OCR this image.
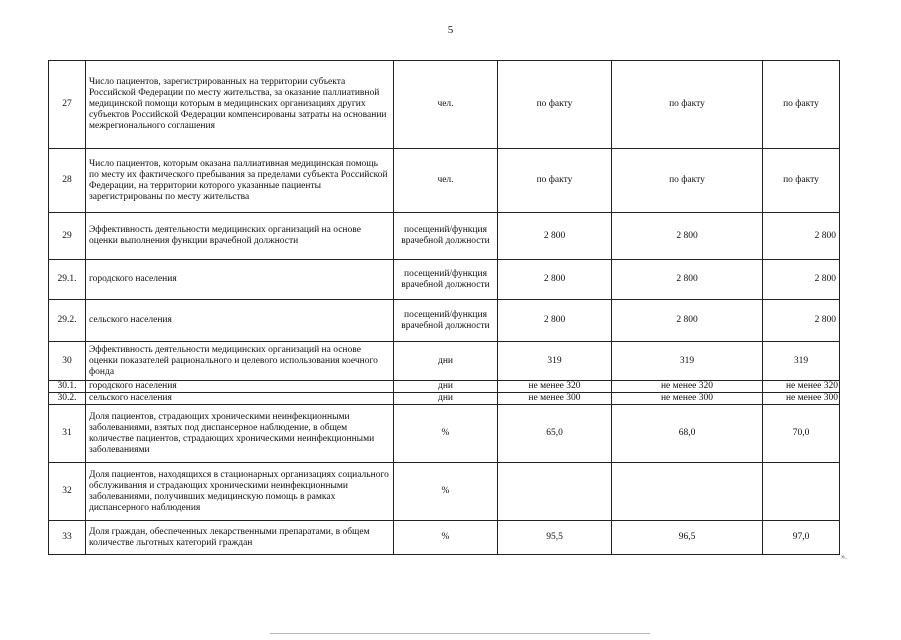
5
27	Число пациентов, зарегистрированных на территории субъекта Российской Федерации по месту жительства, за оказание паллиативной медицинской помощи которым в медицинских организациях других субъектов Российской Федерации компенсированы затраты на основании межрегионального соглашения	чел.	по факту	по факту	по факту
28	Число пациентов, которым оказана паллиативная медицинская помощь по месту их фактического пребывания за пределами субъекта Российской Федерации, на территории которого указанные пациенты зарегистрированы по месту жительства	чел.	по факту	по факту	по факту
29	Эффективность деятельности медицинских организаций на основе оценки выполнения функции врачебной должности	посещений/функция врачебной должности	2 800	2 800	2 800
29.1.	городского населения	посещений/функция врачебной должности	2 800	2 800	2 800
29.2.	сельского населения	посещений/функция врачебной должности	2 800	2 800	2 800
30	Эффективность деятельности медицинских организаций на основе оценки показателей рационального и целевого использования коечного фонда	дни	319	319	319
30.1.	городского населения	дни	не менее 320	не менее 320	не менее 320
30.2.	сельского населения	дни	не менее 300	не менее 300	не менее 300
31	Доля пациентов, страдающих хроническими неинфекционными заболеваниями, взятых под диспансерное наблюдение, в общем количестве пациентов, страдающих хроническими неинфекционными заболеваниями	%	65,0	68,0	70,0
32	Доля пациентов, находящихся в стационарных организациях социального обслуживания и страдающих хроническими неинфекционными заболеваниями, получивших медицинскую помощь в рамках диспансерного наблюдения	%			
33	Доля граждан, обеспеченных лекарственными препаратами, в общем количестве льготных категорий граждан	%	95,5	96,5	97,0
».
